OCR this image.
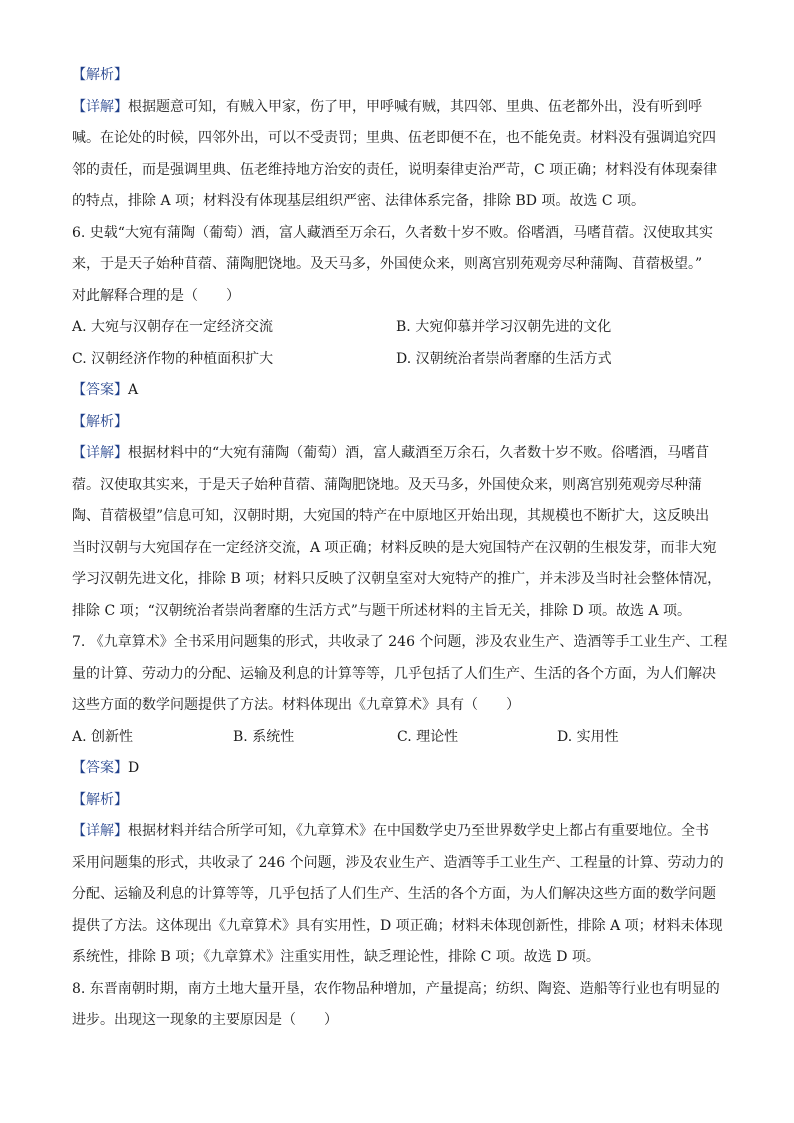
【解析】
【详解】根据题意可知，有贼入甲家，伤了甲，甲呼喊有贼，其四邻、里典、伍老都外出，没有听到呼
喊。在论处的时候，四邻外出，可以不受责罚；里典、伍老即便不在，也不能免责。材料没有强调追究四
邻的责任，而是强调里典、伍老维持地方治安的责任，说明秦律吏治严苛，C 项正确；材料没有体现秦律
的特点，排除 A 项；材料没有体现基层组织严密、法律体系完备，排除 BD 项。故选 C 项。
6. 史载“大宛有蒲陶（葡萄）酒，富人藏酒至万余石，久者数十岁不败。俗嗜酒，马嗜苜蓿。汉使取其实
来，于是天子始种苜蓿、蒲陶肥饶地。及天马多，外国使众来，则离宫别苑观旁尽种蒲陶、苜蓿极望。”
对此解释合理的是（　　）
A. 大宛与汉朝存在一定经济交流	B. 大宛仰慕并学习汉朝先进的文化
C. 汉朝经济作物的种植面积扩大	D. 汉朝统治者崇尚奢靡的生活方式
【答案】A
【解析】
【详解】根据材料中的“大宛有蒲陶（葡萄）酒，富人藏酒至万余石，久者数十岁不败。俗嗜酒，马嗜苜
蓿。汉使取其实来，于是天子始种苜蓿、蒲陶肥饶地。及天马多，外国使众来，则离宫别苑观旁尽种蒲
陶、苜蓿极望”信息可知，汉朝时期，大宛国的特产在中原地区开始出现，其规模也不断扩大，这反映出
当时汉朝与大宛国存在一定经济交流，A 项正确；材料反映的是大宛国特产在汉朝的生根发芽，而非大宛
学习汉朝先进文化，排除 B 项；材料只反映了汉朝皇室对大宛特产的推广，并未涉及当时社会整体情况，
排除 C 项；“汉朝统治者崇尚奢靡的生活方式”与题干所述材料的主旨无关，排除 D 项。故选 A 项。
7. 《九章算术》全书采用问题集的形式，共收录了 246 个问题，涉及农业生产、造酒等手工业生产、工程
量的计算、劳动力的分配、运输及利息的计算等等，几乎包括了人们生产、生活的各个方面，为人们解决
这些方面的数学问题提供了方法。材料体现出《九章算术》具有（　　）
A. 创新性	B. 系统性	C. 理论性	D. 实用性
【答案】D
【解析】
【详解】根据材料并结合所学可知，《九章算术》在中国数学史乃至世界数学史上都占有重要地位。全书
采用问题集的形式，共收录了 246 个问题，涉及农业生产、造酒等手工业生产、工程量的计算、劳动力的
分配、运输及利息的计算等等，几乎包括了人们生产、生活的各个方面，为人们解决这些方面的数学问题
提供了方法。这体现出《九章算术》具有实用性，D 项正确；材料未体现创新性，排除 A 项；材料未体现
系统性，排除 B 项；《九章算术》注重实用性，缺乏理论性，排除 C 项。故选 D 项。
8. 东晋南朝时期，南方土地大量开垦，农作物品种增加，产量提高；纺织、陶瓷、造船等行业也有明显的
进步。出现这一现象的主要原因是（　　）
